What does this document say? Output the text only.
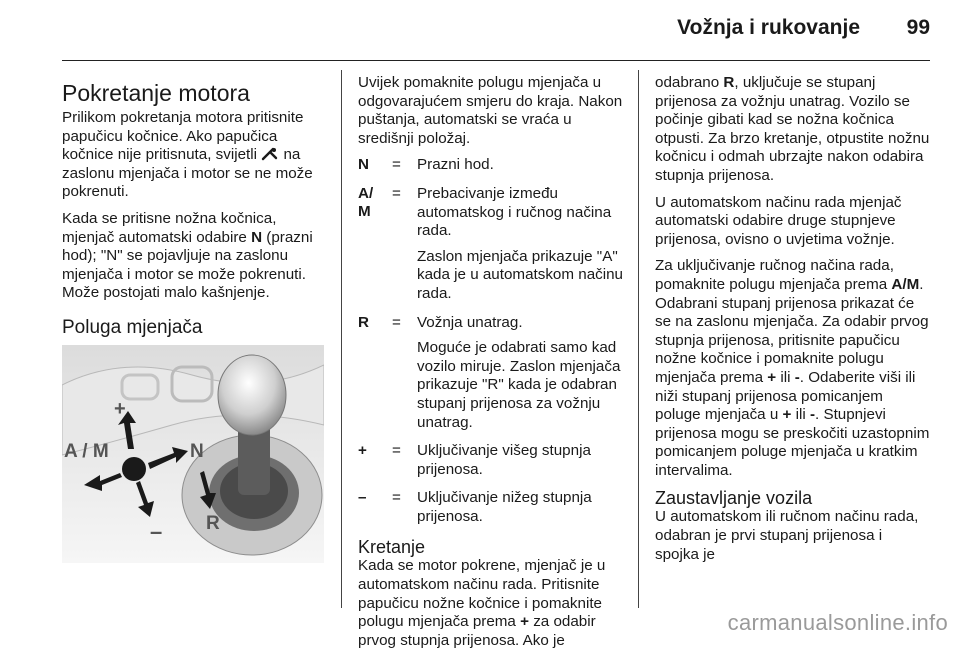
Vožnja i rukovanje	99
Pokretanje motora

Prilikom pokretanja motora pritisnite papučicu kočnice. Ako papučica kočnice nije pritisnuta, svijetli  na zaslonu mjenjača i motor se ne može pokrenuti.

Kada se pritisne nožna kočnica, mjenjač automatski odabire N (prazni hod); "N" se pojavljuje na zaslonu mjenjača i motor se može pokrenuti. Može postojati malo kašnjenje.

Poluga mjenjača
+
A / M	N
– R

Uvijek pomaknite polugu mjenjača u odgovarajućem smjeru do kraja. Nakon puštanja, automatski se vraća u središnji položaj.

N	=	Prazni hod.

A/
M
=	Prebacivanje između automatskog i ručnog načina rada.

Zaslon mjenjača prikazuje "A" kada je u automatskom načinu rada.

R	=	Vožnja unatrag.

Moguće je odabrati samo kad vozilo miruje. Zaslon mjenjača prikazuje "R" kada je odabran stupanj prijenosa za vožnju unatrag.

+	=	Uključivanje višeg stupnja prijenosa.

–	=	Uključivanje nižeg stupnja prijenosa.

Kretanje

Kada se motor pokrene, mjenjač je u automatskom načinu rada. Pritisnite papučicu nožne kočnice i pomaknite polugu mjenjača prema + za odabir prvog stupnja prijenosa. Ako je

odabrano R, uključuje se stupanj prijenosa za vožnju unatrag. Vozilo se počinje gibati kad se nožna kočnica otpusti. Za brzo kretanje, otpustite nožnu kočnicu i odmah ubrzajte nakon odabira stupnja prijenosa.

U automatskom načinu rada mjenjač automatski odabire druge stupnjeve prijenosa, ovisno o uvjetima vožnje.

Za uključivanje ručnog načina rada, pomaknite polugu mjenjača prema A/M. Odabrani stupanj prijenosa prikazat će se na zaslonu mjenjača. Za odabir prvog stupnja prijenosa, pritisnite papučicu nožne kočnice i pomaknite polugu mjenjača prema + ili -. Odaberite viši ili niži stupanj prijenosa pomicanjem poluge mjenjača u + ili -. Stupnjevi prijenosa mogu se preskočiti uzastopnim pomicanjem poluge mjenjača u kratkim intervalima.

Zaustavljanje vozila

U automatskom ili ručnom načinu rada, odabran je prvi stupanj prijenosa i spojka je

carmanualsonline.info
